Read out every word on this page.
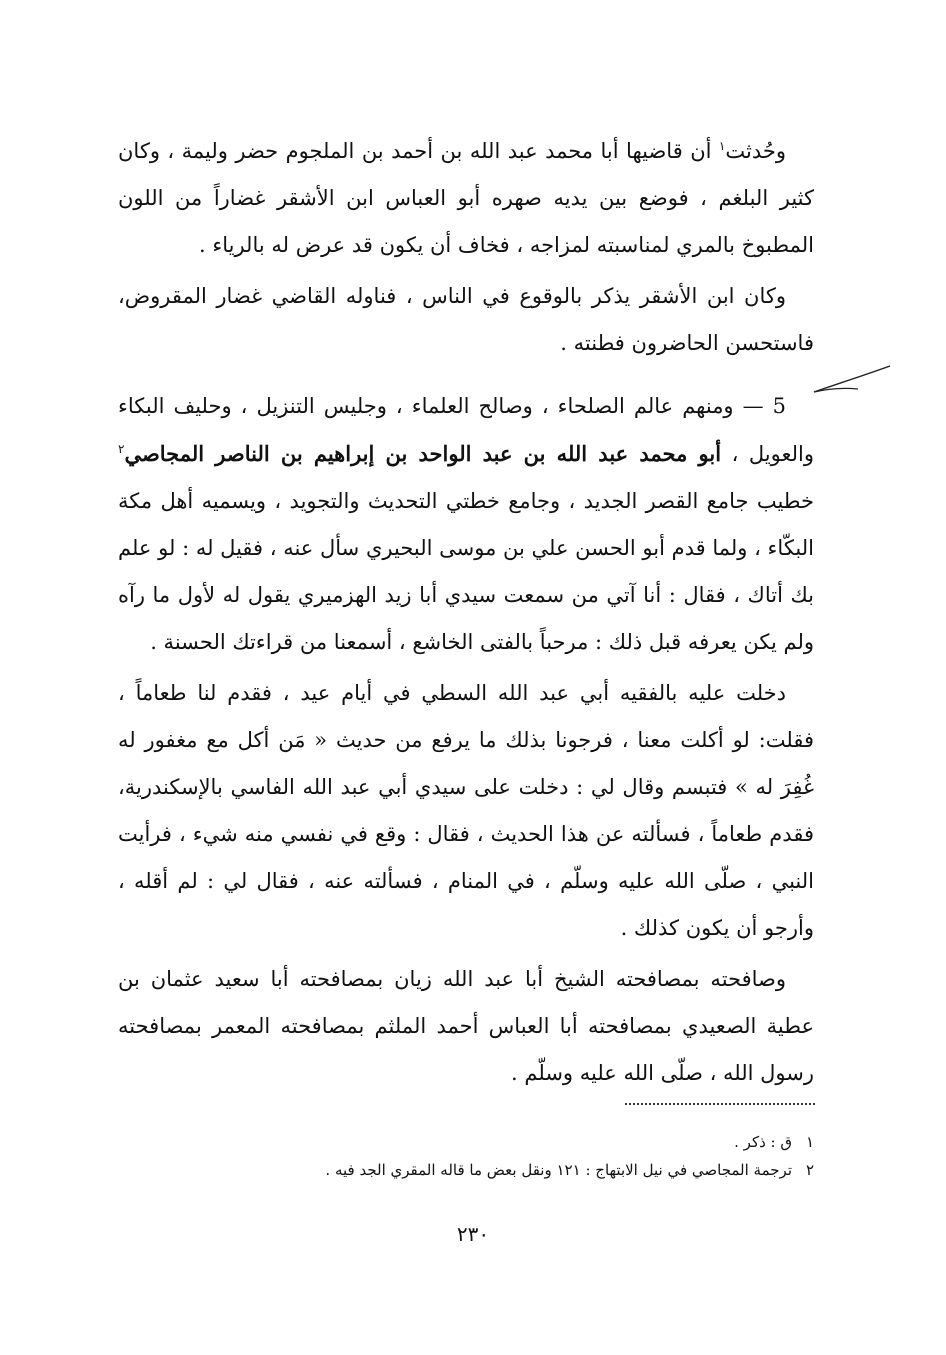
وحُدثت$^١$ أن قاضيها أبا محمد عبد الله بن أحمد بن الملجوم حضر وليمة ، وكان كثير البلغم ، فوضع بين يديه صهره أبو العباس ابن الأشقر غضاراً من اللون المطبوخ بالمري لمناسبته لمزاجه ، فخاف أن يكون قد عرض له بالرياء .

وكان ابن الأشقر يذكر بالوقوع في الناس ، فناوله القاضي غضار المقروض، فاستحسن الحاضرون فطنته .

5 — ومنهم عالم الصلحاء ، وصالح العلماء ، وجليس التنزيل ، وحليف البكاء والعويل ، أبو محمد عبد الله بن عبد الواحد بن إبراهيم بن الناصر المجاصي$^٢$ خطيب جامع القصر الجديد ، وجامع خطتي التحديث والتجويد ، ويسميه أهل مكة البكّاء ، ولما قدم أبو الحسن علي بن موسى البحيري سأل عنه ، فقيل له : لو علم بك أتاك ، فقال : أنا آتي من سمعت سيدي أبا زيد الهزميري يقول له لأول ما رآه ولم يكن يعرفه قبل ذلك : مرحباً بالفتى الخاشع ، أسمعنا من قراءتك الحسنة .

دخلت عليه بالفقيه أبي عبد الله السطي في أيام عيد ، فقدم لنا طعاماً ، فقلت: لو أكلت معنا ، فرجونا بذلك ما يرفع من حديث « مَن أكل مع مغفور له غُفِرَ له » فتبسم وقال لي : دخلت على سيدي أبي عبد الله الفاسي بالإسكندرية، فقدم طعاماً ، فسألته عن هذا الحديث ، فقال : وقع في نفسي منه شيء ، فرأيت النبي ، صلّى الله عليه وسلّم ، في المنام ، فسألته عنه ، فقال لي : لم أقله ، وأرجو أن يكون كذلك .

وصافحته بمصافحته الشيخ أبا عبد الله زيان بمصافحته أبا سعيد عثمان بن عطية الصعيدي بمصافحته أبا العباس أحمد الملثم بمصافحته المعمر بمصافحته رسول الله ، صلّى الله عليه وسلّم .

١ق : ذكر .
٢ترجمة المجاصي في نيل الابتهاج : ١٢١ ونقل بعض ما قاله المقري الجد فيه .
٢٣٠
